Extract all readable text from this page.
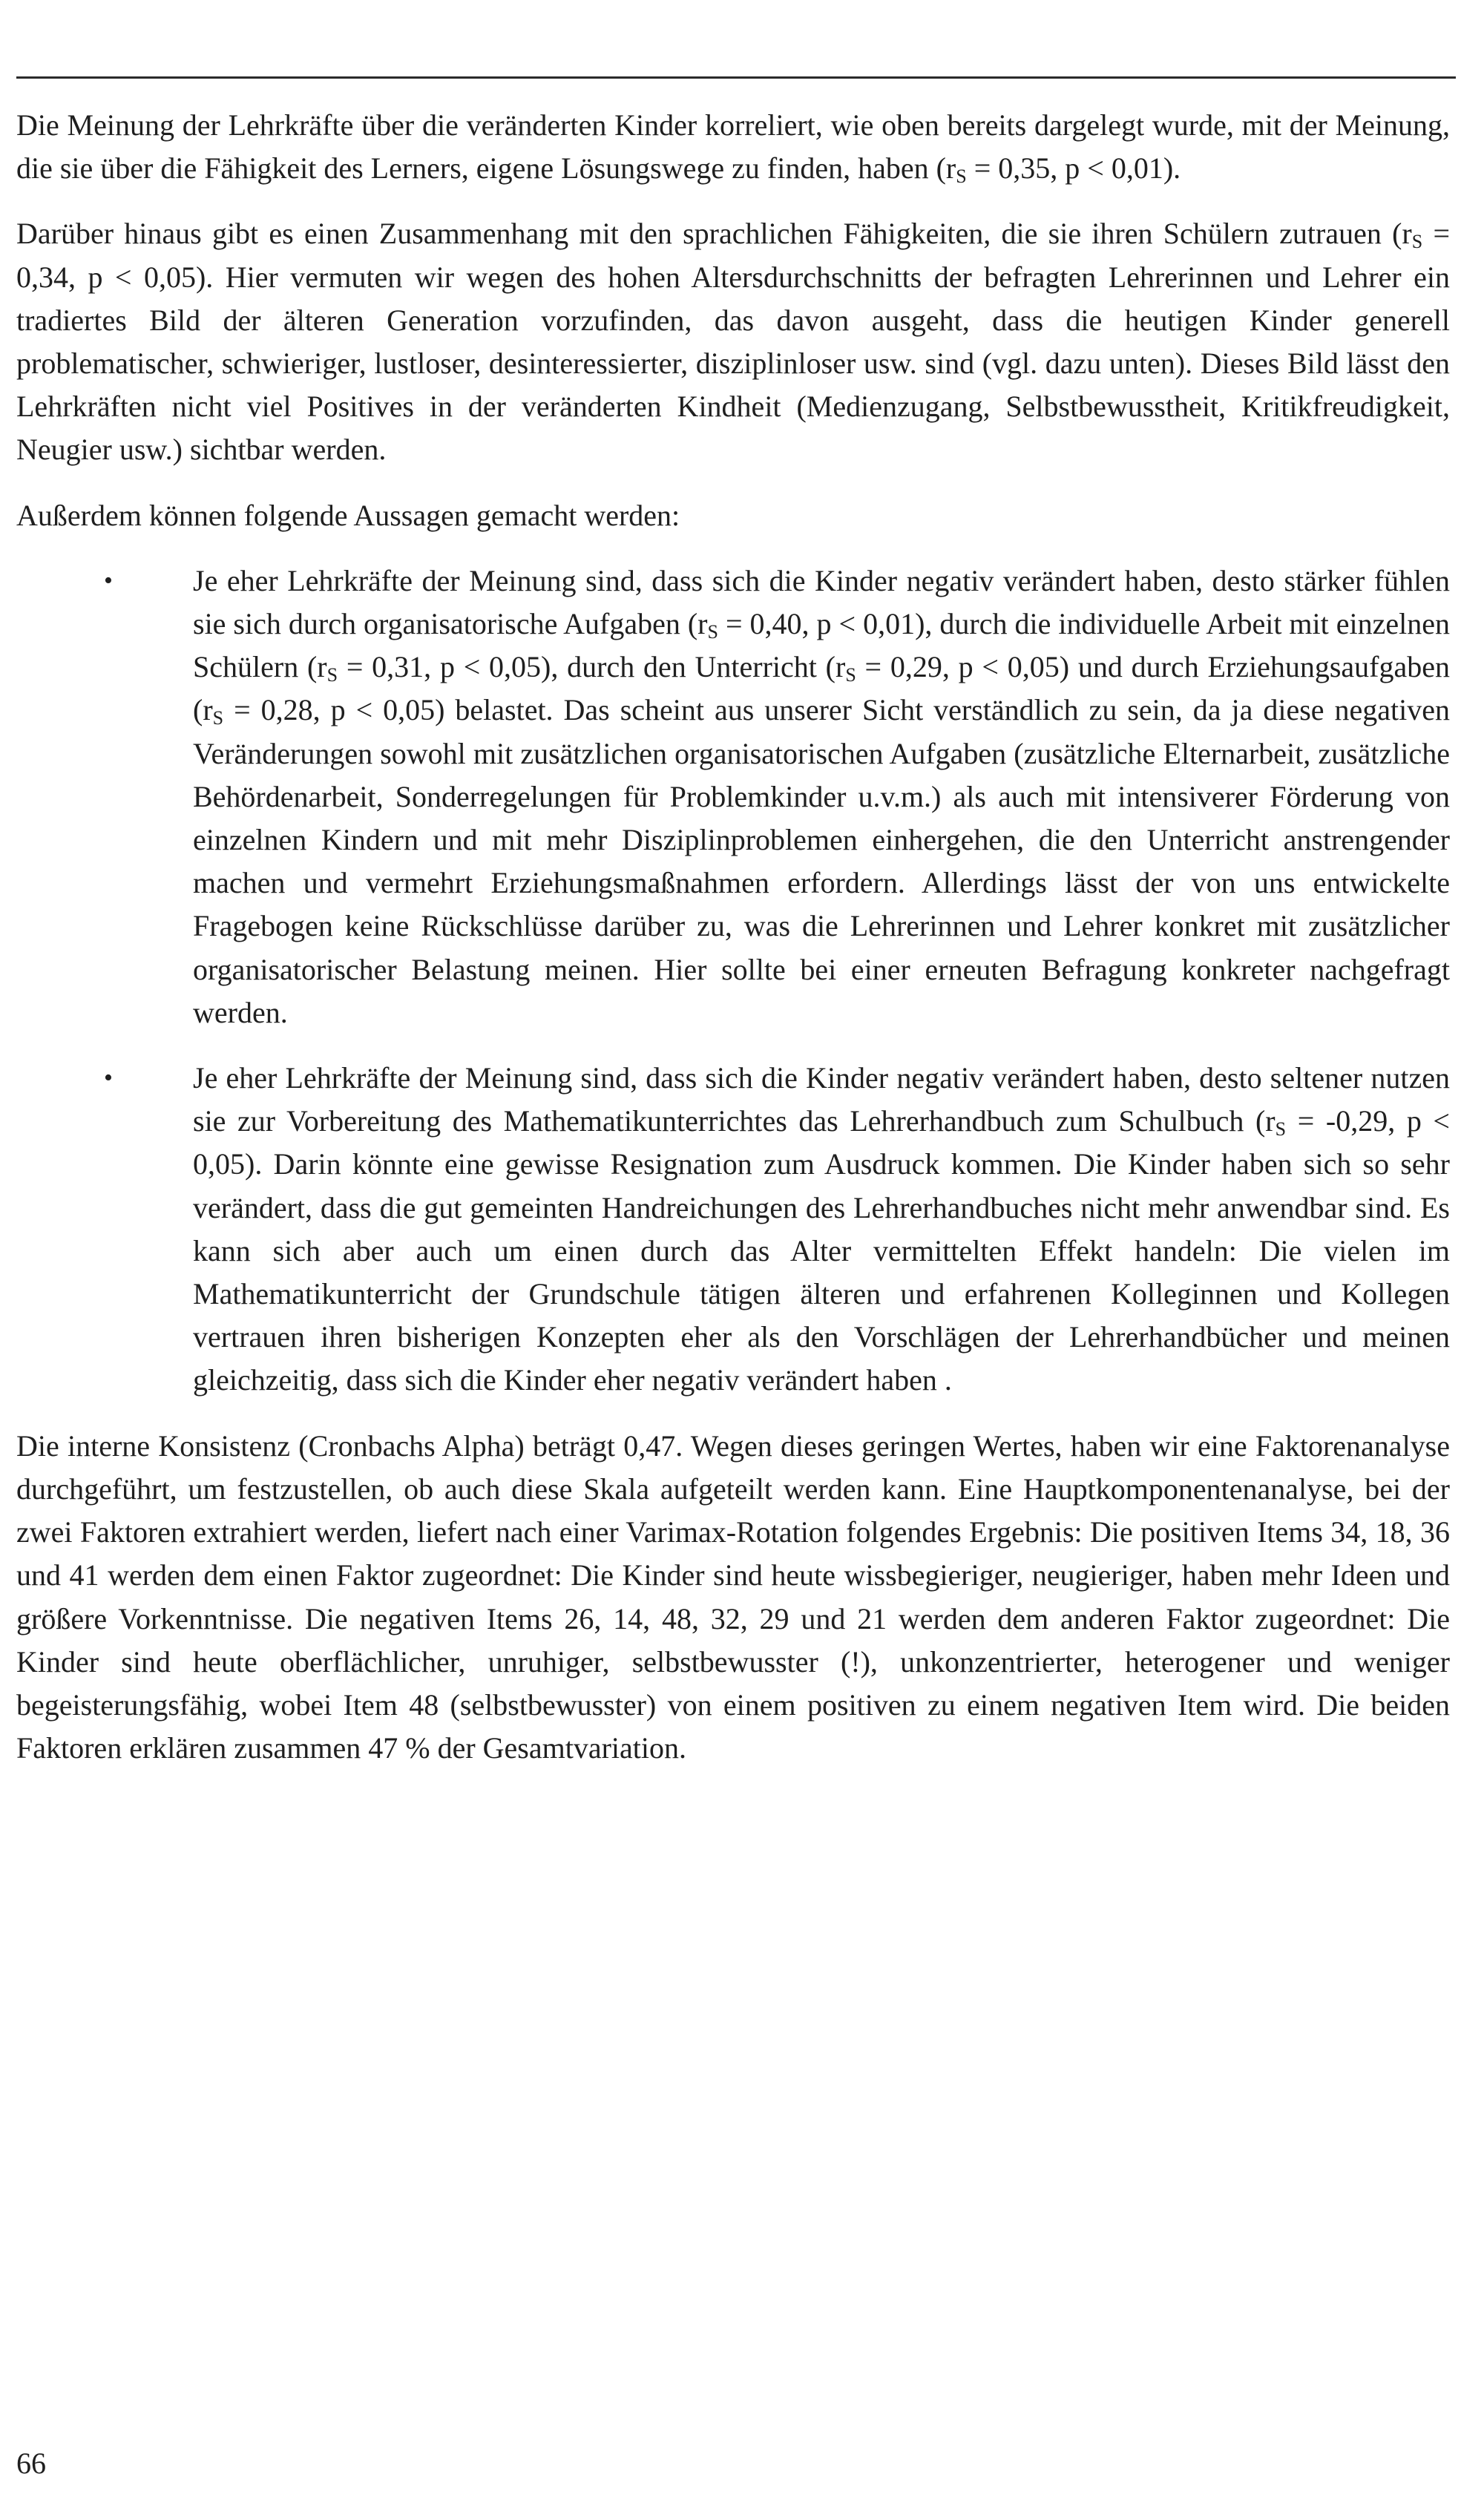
Die Meinung der Lehrkräfte über die veränderten Kinder korreliert, wie oben bereits dargelegt wurde, mit der Meinung, die sie über die Fähigkeit des Lerners, eigene Lösungswege zu finden, haben ($r_S = 0,35$, p < 0,01).

Darüber hinaus gibt es einen Zusammenhang mit den sprachlichen Fähigkeiten, die sie ihren Schülern zutrauen ($r_S = 0,34$, p < 0,05). Hier vermuten wir wegen des hohen Altersdurchschnitts der befragten Lehrerinnen und Lehrer ein tradiertes Bild der älteren Generation vorzufinden, das davon ausgeht, dass die heutigen Kinder generell problematischer, schwieriger, lustloser, desinteressierter, disziplinloser usw. sind (vgl. dazu unten). Dieses Bild lässt den Lehrkräften nicht viel Positives in der veränderten Kindheit (Medienzugang, Selbstbewusstheit, Kritikfreudigkeit, Neugier usw.) sichtbar werden.

Außerdem können folgende Aussagen gemacht werden:

•	Je eher Lehrkräfte der Meinung sind, dass sich die Kinder negativ verändert haben, desto stärker fühlen sie sich durch organisatorische Aufgaben ($r_S = 0,40$, p < 0,01), durch die individuelle Arbeit mit einzelnen Schülern ($r_S = 0,31$, p < 0,05), durch den Unterricht ($r_S = 0,29$, p < 0,05) und durch Erziehungsaufgaben ($r_S = 0,28$, p < 0,05) belastet. Das scheint aus unserer Sicht verständlich zu sein, da ja diese negativen Veränderungen sowohl mit zusätzlichen organisatorischen Aufgaben (zusätzliche Elternarbeit, zusätzliche Behördenarbeit, Sonderregelungen für Problemkinder u.v.m.) als auch mit intensiverer Förderung von einzelnen Kindern und mit mehr Disziplinproblemen einhergehen, die den Unterricht anstrengender machen und vermehrt Erziehungsmaßnahmen erfordern. Allerdings lässt der von uns entwickelte Fragebogen keine Rückschlüsse darüber zu, was die Lehrerinnen und Lehrer konkret mit zusätzlicher organisatorischer Belastung meinen. Hier sollte bei einer erneuten Befragung konkreter nachgefragt werden.
•	Je eher Lehrkräfte der Meinung sind, dass sich die Kinder negativ verändert haben, desto seltener nutzen sie zur Vorbereitung des Mathematikunterrichtes das Lehrerhandbuch zum Schulbuch ($r_S = -0,29$, p < 0,05). Darin könnte eine gewisse Resignation zum Ausdruck kommen. Die Kinder haben sich so sehr verändert, dass die gut gemeinten Handreichungen des Lehrerhandbuches nicht mehr anwendbar sind. Es kann sich aber auch um einen durch das Alter vermittelten Effekt handeln: Die vielen im Mathematikunterricht der Grundschule tätigen älteren und erfahrenen Kolleginnen und Kollegen vertrauen ihren bisherigen Konzepten eher als den Vorschlägen der Lehrerhandbücher und meinen gleichzeitig, dass sich die Kinder eher negativ verändert haben .

Die interne Konsistenz (Cronbachs Alpha) beträgt 0,47. Wegen dieses geringen Wertes, haben wir eine Faktorenanalyse durchgeführt, um festzustellen, ob auch diese Skala aufgeteilt werden kann. Eine Hauptkomponentenanalyse, bei der zwei Faktoren extrahiert werden, liefert nach einer Varimax-Rotation folgendes Ergebnis: Die positiven Items 34, 18, 36 und 41 werden dem einen Faktor zugeordnet: Die Kinder sind heute wissbegieriger, neugieriger, haben mehr Ideen und größere Vorkenntnisse. Die negativen Items 26, 14, 48, 32, 29 und 21 werden dem anderen Faktor zugeordnet: Die Kinder sind heute oberflächlicher, unruhiger, selbstbewusster (!), unkonzentrierter, heterogener und weniger begeisterungsfähig, wobei Item 48 (selbstbewusster) von einem positiven zu einem negativen Item wird. Die beiden Faktoren erklären zusammen 47 % der Gesamtvariation.

66
